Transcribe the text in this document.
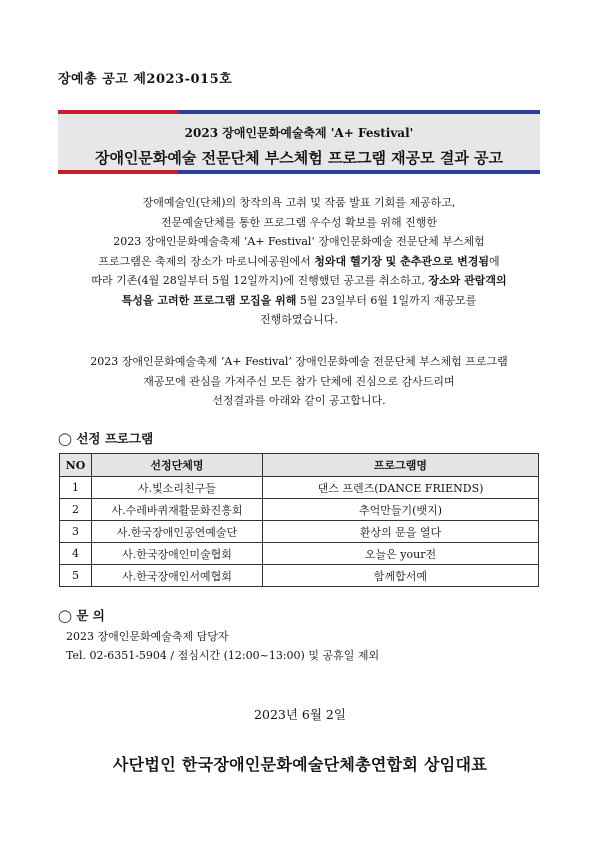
장예총 공고 제2023-015호
2023 장애인문화예술축제 'A+ Festival'
장애인문화예술 전문단체 부스체험 프로그램 재공모 결과 공고
장애예술인(단체)의 창작의욕 고취 및 작품 발표 기회를 제공하고,
전문예술단체를 통한 프로그램 우수성 확보를 위해 진행한
2023 장애인문화예술축제 ‘A+ Festival’ 장애인문화예술 전문단체 부스체험
프로그램은 축제의 장소가 마로니에공원에서 청와대 헬기장 및 춘추관으로 변경됨에
따라 기존(4월 28일부터 5월 12일까지)에 진행했던 공고를 취소하고, 장소와 관람객의
특성을 고려한 프로그램 모집을 위해 5월 23일부터 6월 1일까지 재공모를
진행하였습니다.
2023 장애인문화예술축제 ‘A+ Festival’ 장애인문화예술 전문단체 부스체험 프로그램
재공모에 관심을 가져주신 모든 참가 단체에 진심으로 감사드리며
선정결과를 아래와 같이 공고합니다.
◯ 선정 프로그램
NO	선정단체명	프로그램명
1	사.빛소리친구들	댄스 프렌즈(DANCE FRIENDS)
2	사.수레바퀴재활문화진흥회	추억만들기(뱃지)
3	사.한국장애인공연예술단	환상의 문을 열다
4	사.한국장애인미술협회	오늘은 your전
5	사.한국장애인서예협회	함께합서예
◯ 문 의
2023 장애인문화예술축제 담당자
Tel. 02-6351-5904 / 점심시간 (12:00~13:00) 및 공휴일 제외
2023년 6월 2일
사단법인 한국장애인문화예술단체총연합회 상임대표
